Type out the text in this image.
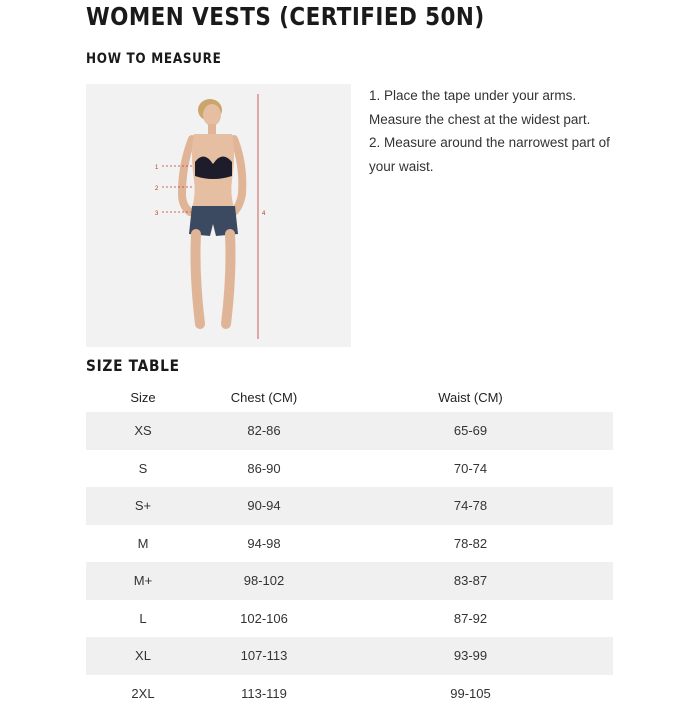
WOMEN VESTS (CERTIFIED 50N)
HOW TO MEASURE
1
2
3	4

1. Place the tape under your arms. Measure the chest at the widest part.

2. Measure around the narrowest part of your waist.

SIZE TABLE
Size	Chest (CM)	Waist (CM)
XS	82-86	65-69
S	86-90	70-74
S+	90-94	74-78
M	94-98	78-82
M+	98-102	83-87
L	102-106	87-92
XL	107-113	93-99
2XL	113-119	99-105
